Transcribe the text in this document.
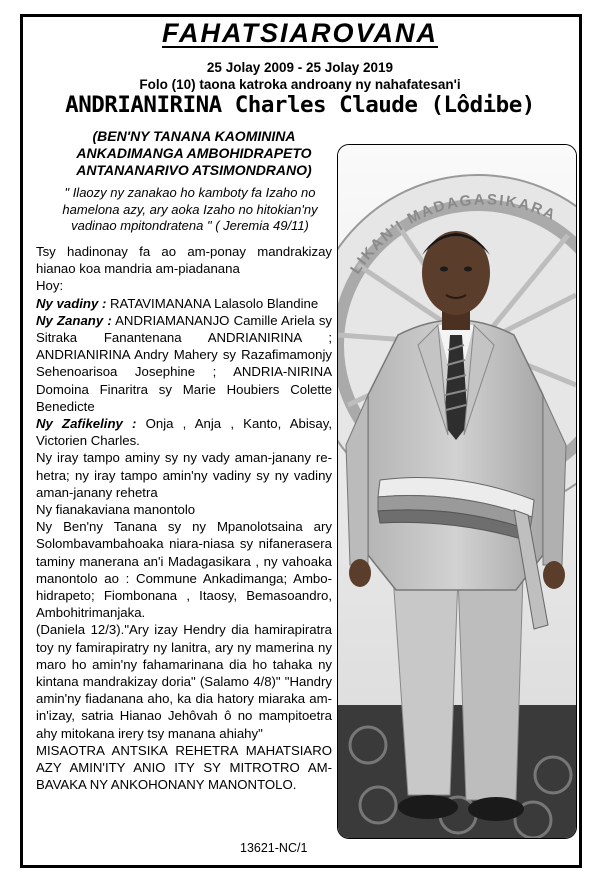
FAHATSIAROVANA
25 Jolay 2009 - 25 Jolay 2019
Folo (10) taona katroka androany ny nahafatesan'i
ANDRIANIRINA Charles Claude (Lôdibe)
(BEN'NY TANANA KAOMININA
ANKADIMANGA AMBOHIDRAPETO
ANTANANARIVO ATSIMONDRANO)
" Ilaozy ny zanakao ho kamboty fa Izaho no hamelona azy, ary aoka Izaho no hitokian'ny vadinao mpitondratena " ( Jeremia 49/11)

Tsy hadinonay fa ao am-ponay mandrakizay hianao koa mandria am-piadanana

Hoy:

Ny vadiny : RATAVIMANANA Lalasolo Blandine

Ny Zanany : ANDRIAMANANJO Camille Ariela sy Sitraka Fanantenana ANDRIANIRINA ; ANDRIANIRINA Andry Mahery sy Razafimamonjy Sehenoarisoa Josephine ; ANDRIA-NIRINA Domoina Finaritra sy Marie Houbiers Colette Benedicte

Ny Zafikeliny : Onja , Anja , Kanto, Abisay, Victorien Charles.

Ny iray tampo aminy sy ny vady aman-janany re-hetra; ny iray tampo amin'ny vadiny sy ny vadiny aman-janany rehetra

Ny fianakaviana manontolo

Ny Ben'ny Tanana sy ny Mpanolotsaina ary Solombavambahoaka niara-niasa sy nifanerasera taminy manerana an'i Madagasikara , ny vahoaka manontolo ao : Commune Ankadimanga; Ambo-hidrapeto; Fiombonana , Itaosy, Bemasoandro, Ambohitrimanjaka.

(Daniela 12/3)."Ary izay Hendry dia hamirapiratra toy ny famirapiratry ny lanitra, ary ny mamerina ny maro ho amin'ny fahamarinana dia ho tahaka ny kintana mandrakizay doria" (Salamo 4/8)" "Handry amin'ny fiadanana aho, ka dia hatory miaraka am-in'izay, satria Hianao Jehôvah ô no mampitoetra ahy mitokana irery tsy manana ahiahy"

MISAOTRA ANTSIKA REHETRA MAHATSIARO AZY AMIN'ITY ANIO ITY SY MITROTRO AM-BAVAKA NY ANKOHONANY MANONTOLO.

13621-NC/1
LIKAN'I MADAGASIKARA
